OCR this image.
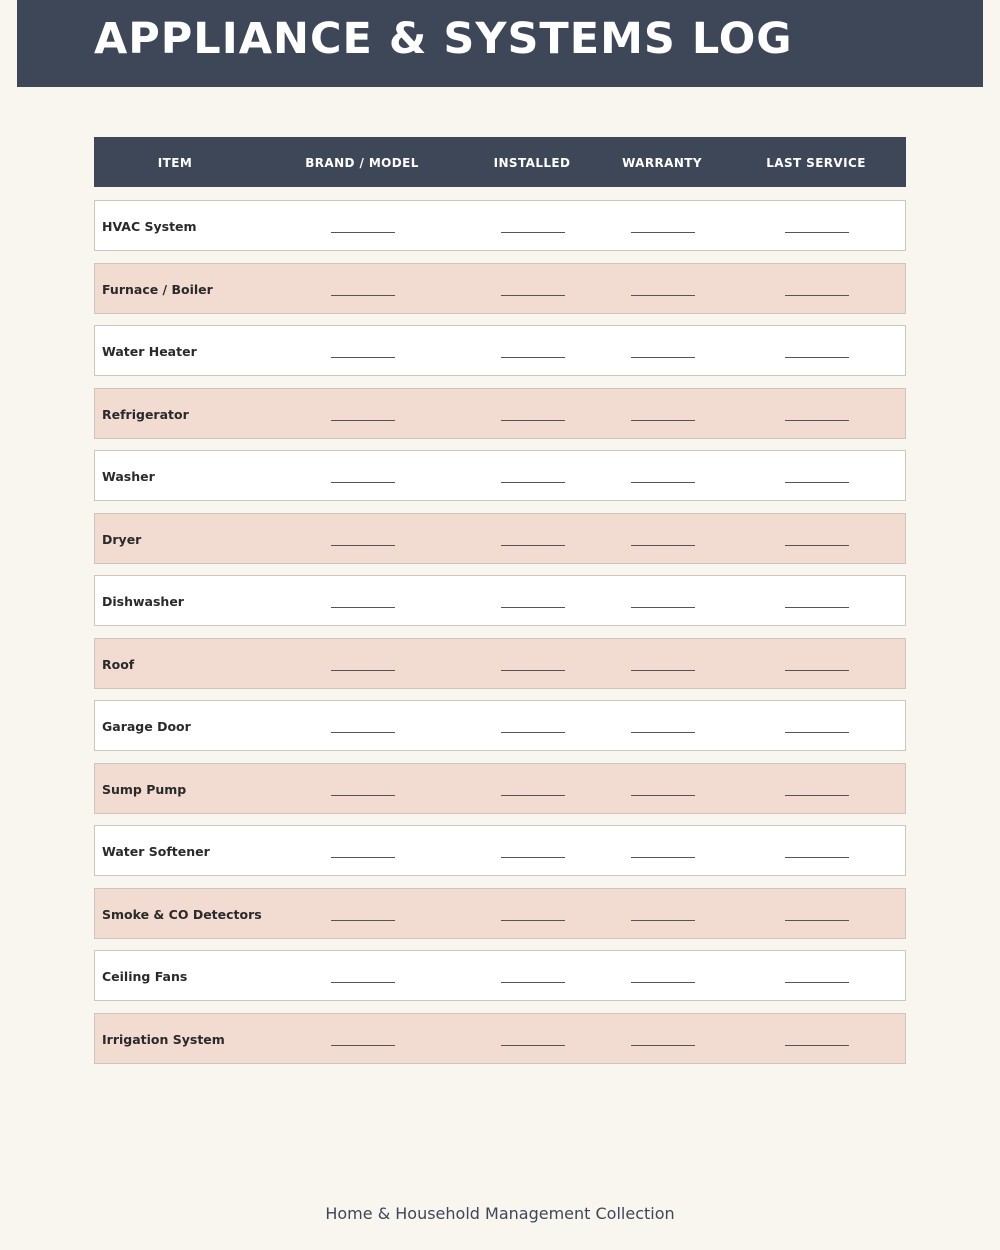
APPLIANCE & SYSTEMS LOG
ITEM	BRAND / MODEL	INSTALLED	WARRANTY	LAST SERVICE
HVAC System
Furnace / Boiler
Water Heater
Refrigerator
Washer
Dryer
Dishwasher
Roof
Garage Door
Sump Pump
Water Softener
Smoke & CO Detectors
Ceiling Fans
Irrigation System
Home & Household Management Collection
